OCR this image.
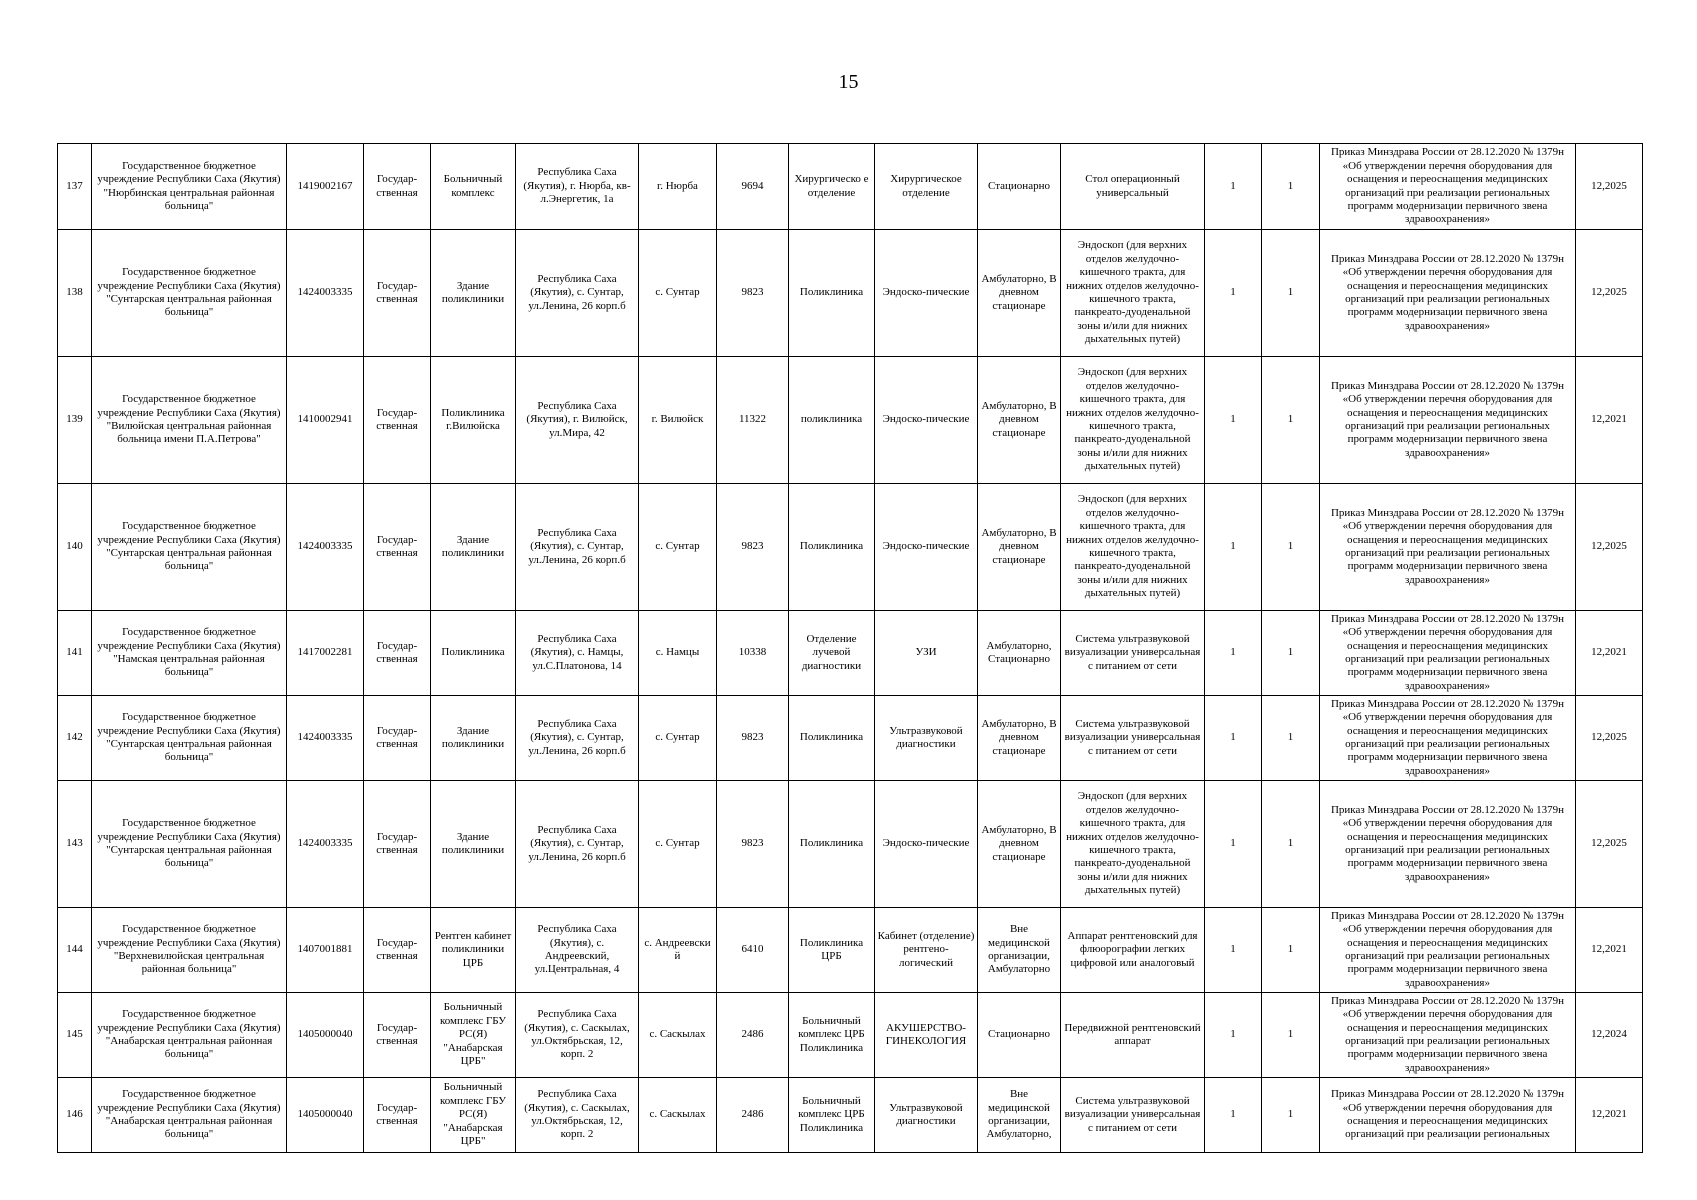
15
137	Государственное бюджетное учреждение Республики Саха (Якутия) "Нюрбинская центральная районная больница"	1419002167	Государ-ственная	Больничный комплекс	Республика Саха (Якутия), г. Нюрба, кв-л.Энергетик, 1а	г. Нюрба	9694	Хирургическо е отделение	Хирургическое отделение	Стационарно	Стол операционный универсальный	1	1	Приказ Минздрава России от 28.12.2020 № 1379н «Об утверждении перечня оборудования для оснащения и переоснащения медицинских организаций при реализации региональных программ модернизации первичного звена здравоохранения»	12,2025
138	Государственное бюджетное учреждение Республики Саха (Якутия) "Сунтарская центральная районная больница"	1424003335	Государ-ственная	Здание поликлиники	Республика Саха (Якутия), с. Сунтар, ул.Ленина, 26 корп.б	с. Сунтар	9823	Поликлиника	Эндоско-пические	Амбулаторно, В дневном стационаре	Эндоскоп (для верхних отделов желудочно-кишечного тракта, для нижних отделов желудочно-кишечного тракта, панкреато-дуоденальной зоны и/или для нижних дыхательных путей)	1	1	Приказ Минздрава России от 28.12.2020 № 1379н «Об утверждении перечня оборудования для оснащения и переоснащения медицинских организаций при реализации региональных программ модернизации первичного звена здравоохранения»	12,2025
139	Государственное бюджетное учреждение Республики Саха (Якутия) "Вилюйская центральная районная больница имени П.А.Петрова"	1410002941	Государ-ственная	Поликлиника г.Вилюйска	Республика Саха (Якутия), г. Вилюйск, ул.Мира, 42	г. Вилюйск	11322	поликлиника	Эндоско-пические	Амбулаторно, В дневном стационаре	Эндоскоп (для верхних отделов желудочно-кишечного тракта, для нижних отделов желудочно-кишечного тракта, панкреато-дуоденальной зоны и/или для нижних дыхательных путей)	1	1	Приказ Минздрава России от 28.12.2020 № 1379н «Об утверждении перечня оборудования для оснащения и переоснащения медицинских организаций при реализации региональных программ модернизации первичного звена здравоохранения»	12,2021
140	Государственное бюджетное учреждение Республики Саха (Якутия) "Сунтарская центральная районная больница"	1424003335	Государ-ственная	Здание поликлиники	Республика Саха (Якутия), с. Сунтар, ул.Ленина, 26 корп.б	с. Сунтар	9823	Поликлиника	Эндоско-пические	Амбулаторно, В дневном стационаре	Эндоскоп (для верхних отделов желудочно-кишечного тракта, для нижних отделов желудочно-кишечного тракта, панкреато-дуоденальной зоны и/или для нижних дыхательных путей)	1	1	Приказ Минздрава России от 28.12.2020 № 1379н «Об утверждении перечня оборудования для оснащения и переоснащения медицинских организаций при реализации региональных программ модернизации первичного звена здравоохранения»	12,2025
141	Государственное бюджетное учреждение Республики Саха (Якутия) "Намская центральная районная больница"	1417002281	Государ-ственная	Поликлиника	Республика Саха (Якутия), с. Намцы, ул.С.Платонова, 14	с. Намцы	10338	Отделение лучевой диагностики	УЗИ	Амбулаторно, Стационарно	Система ультразвуковой визуализации универсальная с питанием от сети	1	1	Приказ Минздрава России от 28.12.2020 № 1379н «Об утверждении перечня оборудования для оснащения и переоснащения медицинских организаций при реализации региональных программ модернизации первичного звена здравоохранения»	12,2021
142	Государственное бюджетное учреждение Республики Саха (Якутия) "Сунтарская центральная районная больница"	1424003335	Государ-ственная	Здание поликлиники	Республика Саха (Якутия), с. Сунтар, ул.Ленина, 26 корп.б	с. Сунтар	9823	Поликлиника	Ультразвуковой диагностики	Амбулаторно, В дневном стационаре	Система ультразвуковой визуализации универсальная с питанием от сети	1	1	Приказ Минздрава России от 28.12.2020 № 1379н «Об утверждении перечня оборудования для оснащения и переоснащения медицинских организаций при реализации региональных программ модернизации первичного звена здравоохранения»	12,2025
143	Государственное бюджетное учреждение Республики Саха (Якутия) "Сунтарская центральная районная больница"	1424003335	Государ-ственная	Здание поликлиники	Республика Саха (Якутия), с. Сунтар, ул.Ленина, 26 корп.б	с. Сунтар	9823	Поликлиника	Эндоско-пические	Амбулаторно, В дневном стационаре	Эндоскоп (для верхних отделов желудочно-кишечного тракта, для нижних отделов желудочно-кишечного тракта, панкреато-дуоденальной зоны и/или для нижних дыхательных путей)	1	1	Приказ Минздрава России от 28.12.2020 № 1379н «Об утверждении перечня оборудования для оснащения и переоснащения медицинских организаций при реализации региональных программ модернизации первичного звена здравоохранения»	12,2025
144	Государственное бюджетное учреждение Республики Саха (Якутия) "Верхневилюйская центральная районная больница"	1407001881	Государ-ственная	Рентген кабинет поликлиники ЦРБ	Республика Саха (Якутия), с. Андреевский, ул.Центральная, 4	с. Андреевски й	6410	Поликлиника ЦРБ	Кабинет (отделение) рентгено-логический	Вне медицинской организации, Амбулаторно	Аппарат рентгеновский для флюорографии легких цифровой или аналоговый	1	1	Приказ Минздрава России от 28.12.2020 № 1379н «Об утверждении перечня оборудования для оснащения и переоснащения медицинских организаций при реализации региональных программ модернизации первичного звена здравоохранения»	12,2021
145	Государственное бюджетное учреждение Республики Саха (Якутия) "Анабарская центральная районная больница"	1405000040	Государ-ственная	Больничный комплекс ГБУ РС(Я) "Анабарская ЦРБ"	Республика Саха (Якутия), с. Саскылах, ул.Октябрьская, 12, корп. 2	с. Саскылах	2486	Больничный комплекс ЦРБ Поликлиника	АКУШЕРСТВО-ГИНЕКОЛОГИЯ	Стационарно	Передвижной рентгеновский аппарат	1	1	Приказ Минздрава России от 28.12.2020 № 1379н «Об утверждении перечня оборудования для оснащения и переоснащения медицинских организаций при реализации региональных программ модернизации первичного звена здравоохранения»	12,2024
146	Государственное бюджетное учреждение Республики Саха (Якутия) "Анабарская центральная районная больница"	1405000040	Государ-ственная	Больничный комплекс ГБУ РС(Я) "Анабарская ЦРБ"	Республика Саха (Якутия), с. Саскылах, ул.Октябрьская, 12, корп. 2	с. Саскылах	2486	Больничный комплекс ЦРБ Поликлиника	Ультразвуковой диагностики	Вне медицинской организации, Амбулаторно,	Система ультразвуковой визуализации универсальная с питанием от сети	1	1	Приказ Минздрава России от 28.12.2020 № 1379н «Об утверждении перечня оборудования для оснащения и переоснащения медицинских организаций при реализации региональных	12,2021
